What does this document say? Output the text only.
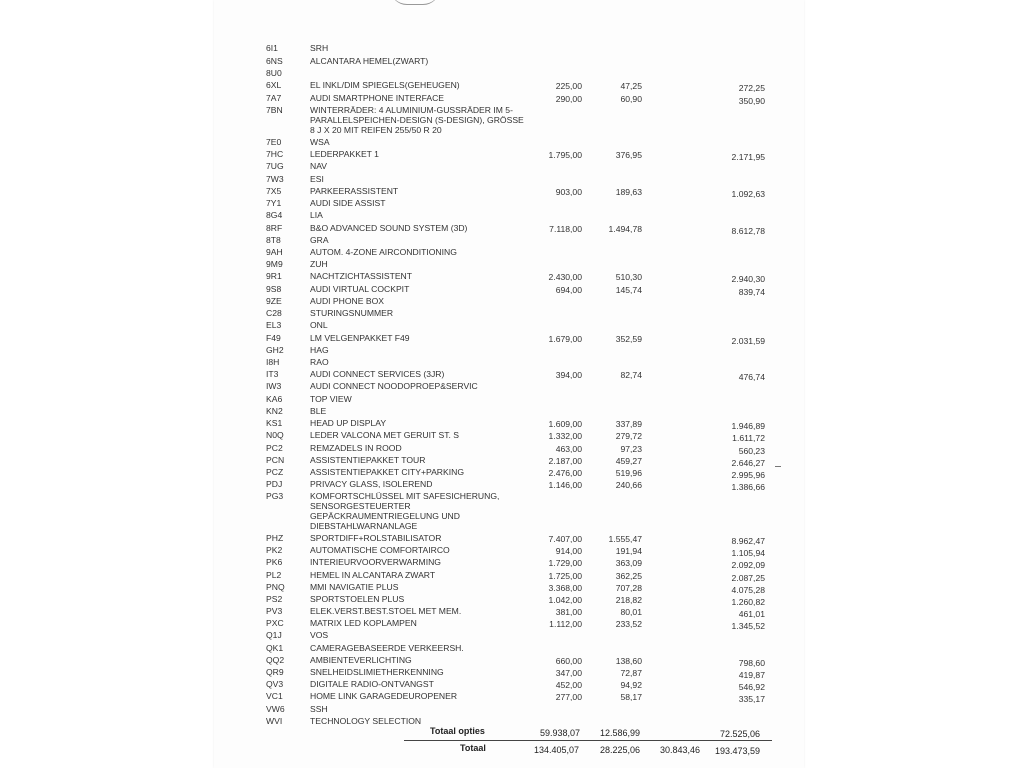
6I1	SRH
6NS	ALCANTARA HEMEL(ZWART)
8U0
6XL	EL INKL/DIM SPIEGELS(GEHEUGEN)	225,00	47,25	272,25
7A7	AUDI SMARTPHONE INTERFACE	290,00	60,90	350,90
7BN	WINTERRÄDER: 4 ALUMINIUM-GUSSRÄDER IM 5-PARALLELSPEICHEN-DESIGN (S-DESIGN), GRÖSSE 8 J X 20 MIT REIFEN 255/50 R 20
7E0	WSA
7HC	LEDERPAKKET 1	1.795,00	376,95	2.171,95
7UG	NAV
7W3	ESI
7X5	PARKEERASSISTENT	903,00	189,63	1.092,63
7Y1	AUDI SIDE ASSIST
8G4	LIA
8RF	B&O ADVANCED SOUND SYSTEM (3D)	7.118,00	1.494,78	8.612,78
8T8	GRA
9AH	AUTOM. 4-ZONE AIRCONDITIONING
9M9	ZUH
9R1	NACHTZICHTASSISTENT	2.430,00	510,30	2.940,30
9S8	AUDI VIRTUAL COCKPIT	694,00	145,74	839,74
9ZE	AUDI PHONE BOX
C28	STURINGSNUMMER
EL3	ONL
F49	LM VELGENPAKKET F49	1.679,00	352,59	2.031,59
GH2	HAG
I8H	RAO
IT3	AUDI CONNECT SERVICES (3JR)	394,00	82,74	476,74
IW3	AUDI CONNECT NOODOPROEP&SERVIC
KA6	TOP VIEW
KN2	BLE
KS1	HEAD UP DISPLAY	1.609,00	337,89	1.946,89
N0Q	LEDER VALCONA MET GERUIT ST. S	1.332,00	279,72	1.611,72
PC2	REMZADELS IN ROOD	463,00	97,23	560,23
PCN	ASSISTENTIEPAKKET TOUR	2.187,00	459,27	2.646,27
PCZ	ASSISTENTIEPAKKET CITY+PARKING	2.476,00	519,96	2.995,96
PDJ	PRIVACY GLASS, ISOLEREND	1.146,00	240,66	1.386,66
PG3	KOMFORTSCHLÜSSEL MIT SAFESICHERUNG, SENSORGESTEUERTER GEPÄCKRAUMENTRIEGELUNG UND DIEBSTAHLWARNANLAGE
PHZ	SPORTDIFF+ROLSTABILISATOR	7.407,00	1.555,47	8.962,47
PK2	AUTOMATISCHE COMFORTAIRCO	914,00	191,94	1.105,94
PK6	INTERIEURVOORVERWARMING	1.729,00	363,09	2.092,09
PL2	HEMEL IN ALCANTARA ZWART	1.725,00	362,25	2.087,25
PNQ	MMI NAVIGATIE PLUS	3.368,00	707,28	4.075,28
PS2	SPORTSTOELEN PLUS	1.042,00	218,82	1.260,82
PV3	ELEK.VERST.BEST.STOEL MET MEM.	381,00	80,01	461,01
PXC	MATRIX LED KOPLAMPEN	1.112,00	233,52	1.345,52
Q1J	VOS
QK1	CAMERAGEBASEERDE VERKEERSH.
QQ2	AMBIENTEVERLICHTING	660,00	138,60	798,60
QR9	SNELHEIDSLIMIETHERKENNING	347,00	72,87	419,87
QV3	DIGITALE RADIO-ONTVANGST	452,00	94,92	546,92
VC1	HOME LINK GARAGEDEUROPENER	277,00	58,17	335,17
VW6	SSH
WVI	TECHNOLOGY SELECTION
Totaal opties	59.938,07	12.586,99	72.525,06
Totaal	134.405,07	28.225,06	30.843,46	193.473,59
